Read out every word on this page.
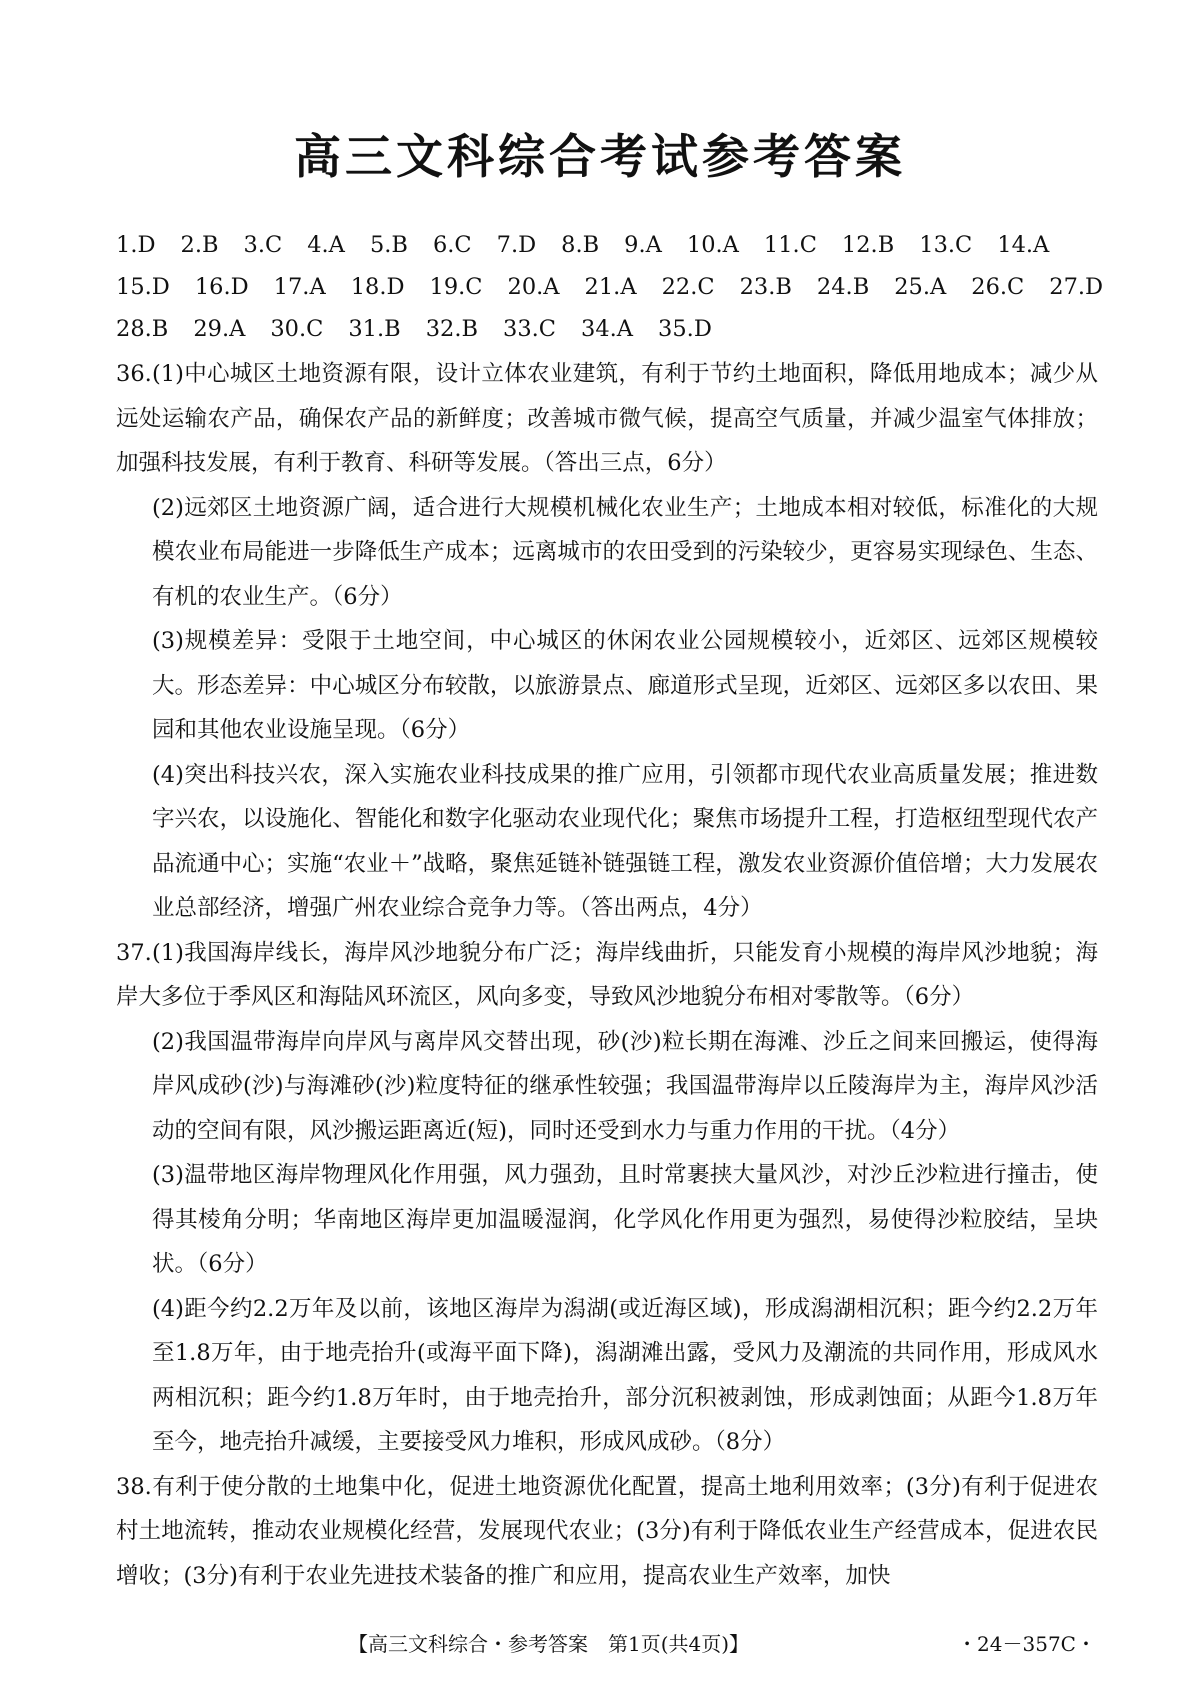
高三文科综合考试参考答案
1.D 2.B 3.C 4.A 5.B 6.C 7.D 8.B 9.A 10.A 11.C 12.B 13.C 14.A
15.D 16.D 17.A 18.D 19.C 20.A 21.A 22.C 23.B 24.B 25.A 26.C 27.D
28.B 29.A 30.C 31.B 32.B 33.C 34.A 35.D

36.(1)中心城区土地资源有限，设计立体农业建筑，有利于节约土地面积，降低用地成本；减少从远处运输农产品，确保农产品的新鲜度；改善城市微气候，提高空气质量，并减少温室气体排放；加强科技发展，有利于教育、科研等发展。（答出三点，6分）

(2)远郊区土地资源广阔，适合进行大规模机械化农业生产；土地成本相对较低，标准化的大规模农业布局能进一步降低生产成本；远离城市的农田受到的污染较少，更容易实现绿色、生态、有机的农业生产。（6分）

(3)规模差异：受限于土地空间，中心城区的休闲农业公园规模较小，近郊区、远郊区规模较大。形态差异：中心城区分布较散，以旅游景点、廊道形式呈现，近郊区、远郊区多以农田、果园和其他农业设施呈现。（6分）

(4)突出科技兴农，深入实施农业科技成果的推广应用，引领都市现代农业高质量发展；推进数字兴农，以设施化、智能化和数字化驱动农业现代化；聚焦市场提升工程，打造枢纽型现代农产品流通中心；实施“农业＋”战略，聚焦延链补链强链工程，激发农业资源价值倍增；大力发展农业总部经济，增强广州农业综合竞争力等。（答出两点，4分）

37.(1)我国海岸线长，海岸风沙地貌分布广泛；海岸线曲折，只能发育小规模的海岸风沙地貌；海岸大多位于季风区和海陆风环流区，风向多变，导致风沙地貌分布相对零散等。（6分）

(2)我国温带海岸向岸风与离岸风交替出现，砂(沙)粒长期在海滩、沙丘之间来回搬运，使得海岸风成砂(沙)与海滩砂(沙)粒度特征的继承性较强；我国温带海岸以丘陵海岸为主，海岸风沙活动的空间有限，风沙搬运距离近(短)，同时还受到水力与重力作用的干扰。（4分）

(3)温带地区海岸物理风化作用强，风力强劲，且时常裹挟大量风沙，对沙丘沙粒进行撞击，使得其棱角分明；华南地区海岸更加温暖湿润，化学风化作用更为强烈，易使得沙粒胶结，呈块状。（6分）

(4)距今约2.2万年及以前，该地区海岸为潟湖(或近海区域)，形成潟湖相沉积；距今约2.2万年至1.8万年，由于地壳抬升(或海平面下降)，潟湖滩出露，受风力及潮流的共同作用，形成风水两相沉积；距今约1.8万年时，由于地壳抬升，部分沉积被剥蚀，形成剥蚀面；从距今1.8万年至今，地壳抬升减缓，主要接受风力堆积，形成风成砂。（8分）

38.有利于使分散的土地集中化，促进土地资源优化配置，提高土地利用效率；(3分)有利于促进农村土地流转，推动农业规模化经营，发展现代农业；(3分)有利于降低农业生产经营成本，促进农民增收；(3分)有利于农业先进技术装备的推广和应用，提高农业生产效率，加快

【高三文科综合・参考答案　第1页(共4页)】	・24－357C・
